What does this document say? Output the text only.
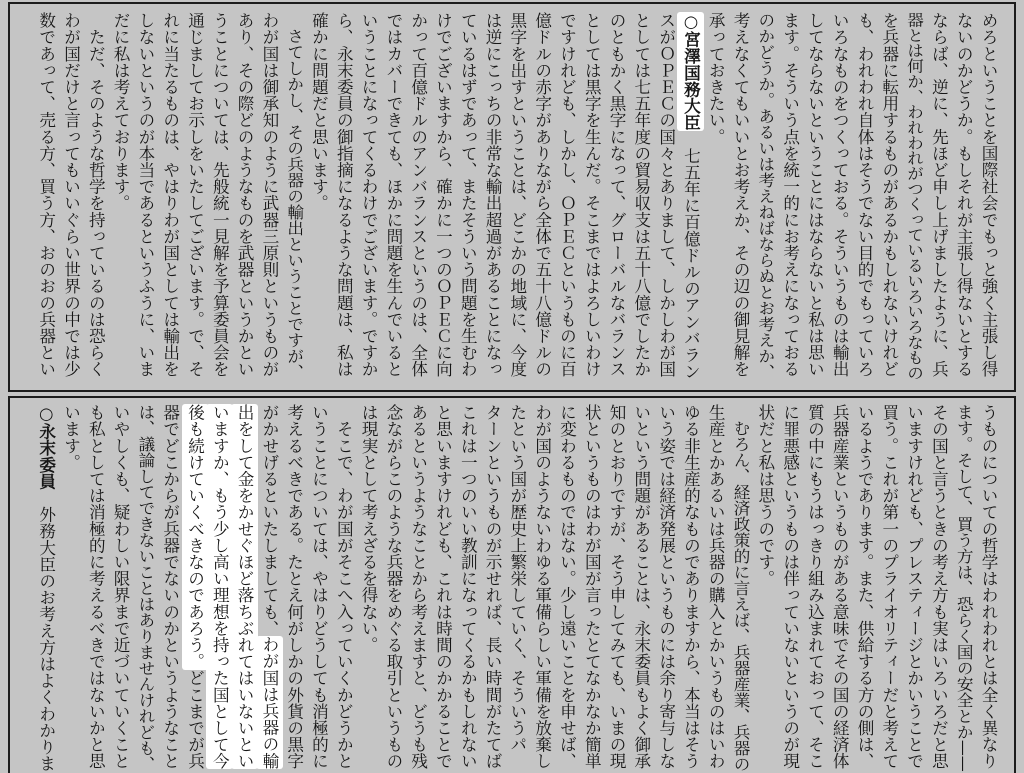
めろということを国際社会でもっと強く主張し得
ないのかどうか。もしそれが主張し得ないとする
ならば、逆に、先ほど申し上げましたように、兵
器とは何か、われわれがつくっているいろいろなもの
を兵器に転用するものがあるかもしれないけれど
も、われわれ自体はそうでない目的でもっていろ
いろなものをつくっておる。そういうものは輸出
してならないということにはならないと私は思い
ます。そういう点を統一的にお考えになっておる
のかどうか。あるいは考えねばならぬとお考えか、
考えなくてもいいとお考えか、その辺の御見解を
承っておきたい。
○宮澤国務大臣　七五年に百億ドルのアンバラン
スがＯＰＥＣの国々とありまして、しかしわが国
としては七五年度の貿易収支は五十八億でしたか
のともかく黒字になって、グローバルなバランス
としては黒字を生んだ。そこまではよろしいわけ
ですけれども、しかし、ＯＰＥＣというものに百
億ドルの赤字がありながら全体で五十八億ドルの
黒字を出すということは、どこかの地域に、今度
は逆にこっちの非常な輸出超過があることになっ
ているはずであって、またそういう問題を生むわ
けでございますから、確かに一つのＯＰＥＣに向
かって百億ドルのアンバランスというのは、全体
ではカバーできても、ほかに問題を生んでいると
いうことになってくるわけでございます。ですか
ら、永末委員の御指摘になるような問題は、私は
確かに問題だと思います。
　さてしかし、その兵器の輸出ということですが、
わが国は御承知のように武器三原則というものが
あり、その際どのようなものを武器というかとい
うことについては、先般統一見解を予算委員会を
通じましてお示しをいたしてございます。で、そ
れに当たるものは、やはりわが国としては輸出を
しないというのが本当であるというふうに、いま
だに私は考えております。
　ただ、そのような哲学を持っているのは恐らく
わが国だけと言ってもいいぐらい世界の中では少
数であって、売る方、買う方、おのおの兵器とい
うものについての哲学はわれわれとは全く異なり
ます。そして、買う方は、恐らく国の安全とか——
その国と言うときの考え方も実はいろいろだと思
いますけれども、プレスティージとかいうことで
買う。これが第一のプライオリティーだと考えて
いるようであります。また、供給する方の側は、
兵器産業というものがある意味でその国の経済体
質の中にもうはっきり組み込まれておって、そこ
に罪悪感というものは伴っていないというのが現
状だと私は思うのです。
　むろん、経済政策的に言えば、兵器産業、兵器の
生産とかあるいは兵器の購入とかいうものはいわ
ゆる非生産的なものでありますから、本当はそう
いう姿では経済発展というものには余り寄与しな
いという問題があることは、永末委員もよく御承
知のとおりですが、そう申してみても、いまの現
状というものはわが国が言ったとてなかなか簡単
に変わるものではない。少し遠いことを申せば、
わが国のようないわゆる軍備らしい軍備を放棄し
たという国が歴史上繁栄していく、そういうパ
ターンというものが示せれば、長い時間がたてば
これは一つのいい教訓になってくるかもしれない
と思いますけれども、これは時間のかかることで
あるというようなことから考えますと、どうも残
念ながらこのような兵器をめぐる取引というもの
は現実として考えざるを得ない。
　そこで、わが国がそこへ入っていくかどうかと
いうことについては、やはりどうしても消極的に
考えるべきである。たとえ何がしかの外貨の黒字
がかせげるといたしましても、わが国は兵器の輸
出をして金をかせぐほど落ちぶれてはいないとい
いますか、もう少し高い理想を持った国として今
後も続けていくべきなのであろう。どこまでが兵
器でどこからが兵器でないのかというようなこと
は、議論してできないことはありませんけれども、
いやしくも、疑わしい限界まで近づいていくこと
も私としては消極的に考えるべきではないかと思
います。
○永末委員　外務大臣のお考え方はよくわかりま
